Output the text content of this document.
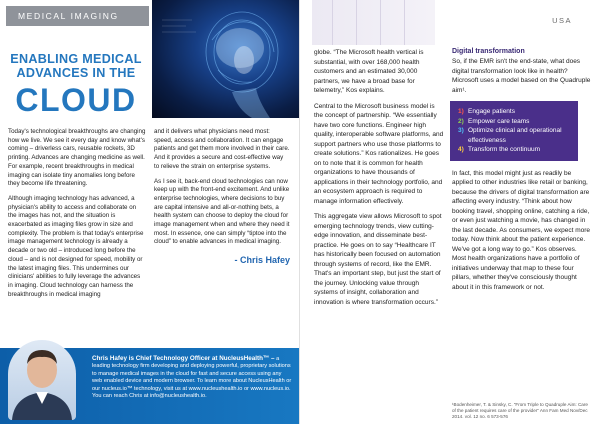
MEDICAL IMAGING
ENABLING MEDICAL
ADVANCES IN THE
CLOUD

Today's technological breakthroughs are changing how we live. We see it every day and know what's coming – driverless cars, reusable rockets, 3D printing. Advances are changing medicine as well. For example, recent breakthroughs in medical imaging can isolate tiny anomalies long before they become life threatening.

Although imaging technology has advanced, a physician's ability to access and collaborate on the images has not, and the situation is exacerbated as imaging files grow in size and complexity. The problem is that today's enterprise image management technology is already a decade or two old – introduced long before the cloud – and is not designed for speed, mobility or the latest imaging files. This undermines our clinicians' abilities to fully leverage the advances in imaging. Cloud technology can harness the breakthroughs in medical imaging

and it delivers what physicians need most: speed, access and collaboration. It can engage patients and get them more involved in their care. And it provides a secure and cost-effective way to relieve the strain on enterprise systems.

As I see it, back-end cloud technologies can now keep up with the front-end excitement. And unlike enterprise technologies, where decisions to buy are capital intensive and all-or-nothing bets, a health system can choose to deploy the cloud for image management when and where they need it most. In essence, one can simply “tiptoe into the cloud” to enable advances in medical imaging.

- Chris Hafey
Chris Hafey is Chief Technology Officer at NucleusHealth™ – a leading technology firm developing and deploying powerful, proprietary solutions to manage medical images in the cloud for fast and secure access using any web enabled device and modern browser. To learn more about NucleusHealth or our nucleus.io™ technology, visit us at www.nucleushealth.io or www.nucleus.io. You can reach Chris at info@nucleushealth.io.
USA

globe. “The Microsoft health vertical is substantial, with over 168,000 health customers and an estimated 30,000 partners, we have a broad base for telemetry,” Kos explains.

Central to the Microsoft business model is the concept of partnership. “We essentially have two core functions. Engineer high quality, interoperable software platforms, and support partners who use those platforms to create solutions.” Kos rationalizes. He goes on to note that it is common for health organizations to have thousands of applications in their technology portfolio, and an ecosystem approach is required to manage information effectively.

This aggregate view allows Microsoft to spot emerging technology trends, view cutting-edge innovation, and disseminate best-practice. He goes on to say “Healthcare IT has historically been focused on automation through systems of record, like the EMR. That's an important step, but just the start of the journey. Unlocking value through systems of insight, collaboration and innovation is where transformation occurs.”

Digital transformation

So, if the EMR isn't the end-state, what does digital transformation look like in health? Microsoft uses a model based on the Quadruple aim¹.

1) Engage patients
2) Empower care teams
3) Optimize clinical and operational effectiveness
4) Transform the continuum

In fact, this model might just as readily be applied to other industries like retail or banking, because the drivers of digital transformation are affecting every industry. “Think about how booking travel, shopping online, catching a ride, or even just watching a movie, has changed in the last decade. As consumers, we expect more today. Now think about the patient experience. We've got a long way to go.” Kos observes. Most health organizations have a portfolio of initiatives underway that map to these four pillars, whether they've consciously thought about it in this framework or not.

¹Bodenheimer, T. & Sinsky, C. “From Triple to Quadruple Aim: Care of the patient requires care of the provider” Ann Fam Med Nov/Dec 2014. vol. 12 no. 6 573-576
